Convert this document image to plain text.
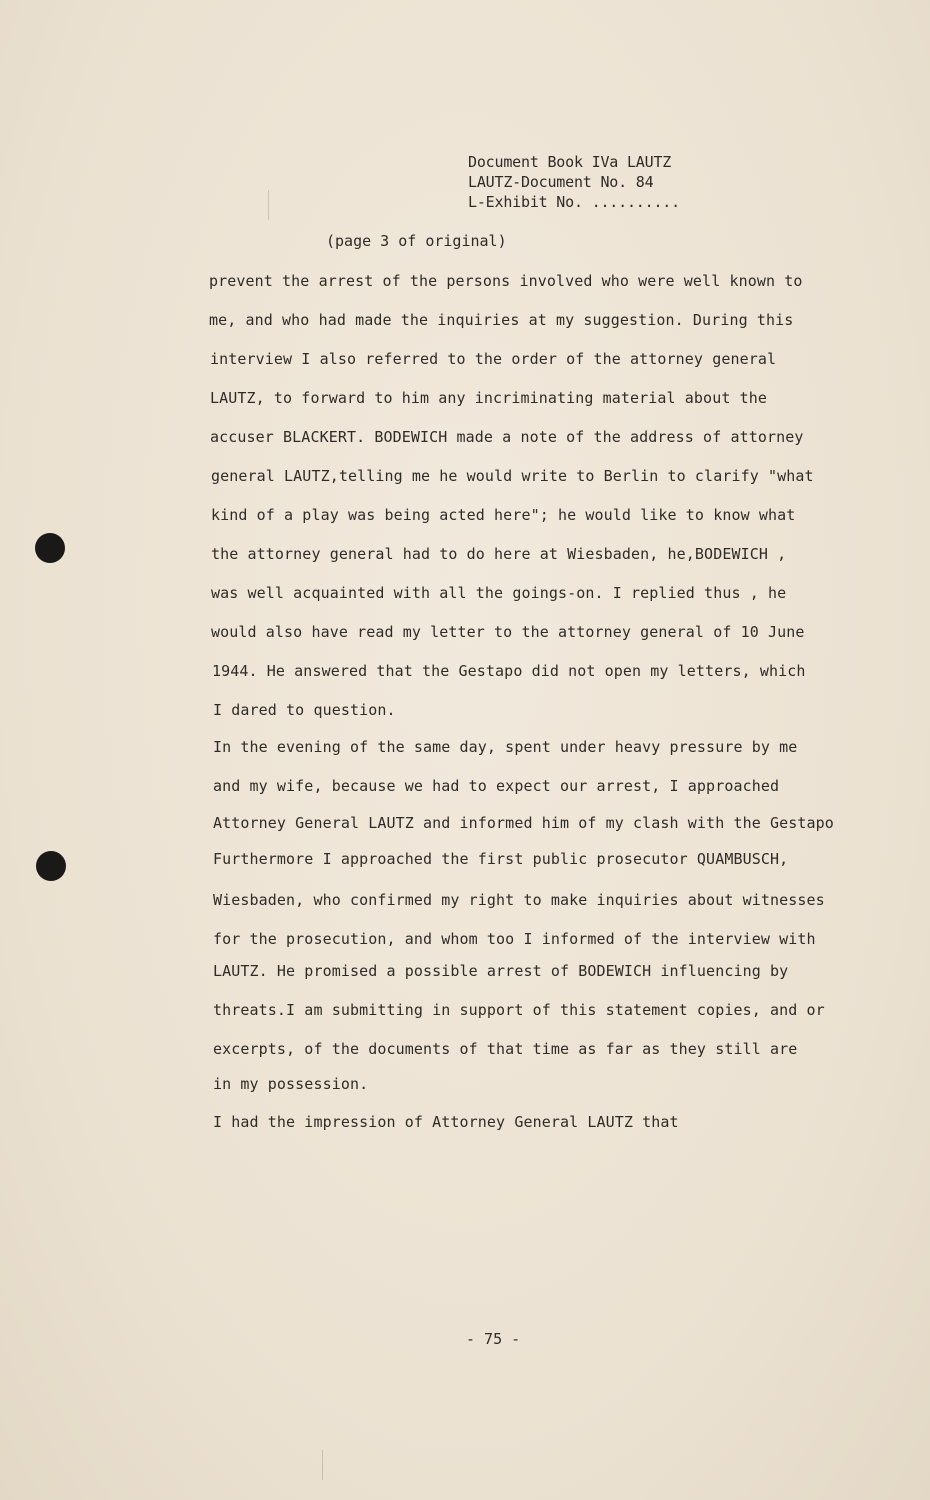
Document Book IVa LAUTZ
LAUTZ-Document No. 84
L-Exhibit No. ..........
(page 3 of original)
prevent the arrest of the persons involved who were well known to
me, and who had made the inquiries at my suggestion. During this
interview I also referred to the order of the attorney general
LAUTZ, to forward to him any incriminating material about the
accuser BLACKERT. BODEWICH made a note of the address of attorney
general LAUTZ,telling me he would write to Berlin to clarify "what
kind of a play was being acted here"; he would like to know what
the attorney general had to do here at Wiesbaden, he,BODEWICH ,
was well acquainted with all the goings-on. I replied thus , he
would also have read my letter to the attorney general of 10 June
1944. He answered that the Gestapo did not open my letters, which
I dared to question.
In the evening of the same day, spent under heavy pressure by me
and my wife, because we had to expect our arrest, I approached
Attorney General LAUTZ and informed him of my clash with the Gestapo
Furthermore I approached the first public prosecutor QUAMBUSCH,
Wiesbaden, who confirmed my right to make inquiries about witnesses
for the prosecution, and whom too I informed of the interview with
LAUTZ. He promised a possible arrest of BODEWICH influencing by
threats.I am submitting in support of this statement copies, and or
excerpts, of the documents of that time as far as they still are
in my possession.
I had the impression of Attorney General LAUTZ that
- 75 -
